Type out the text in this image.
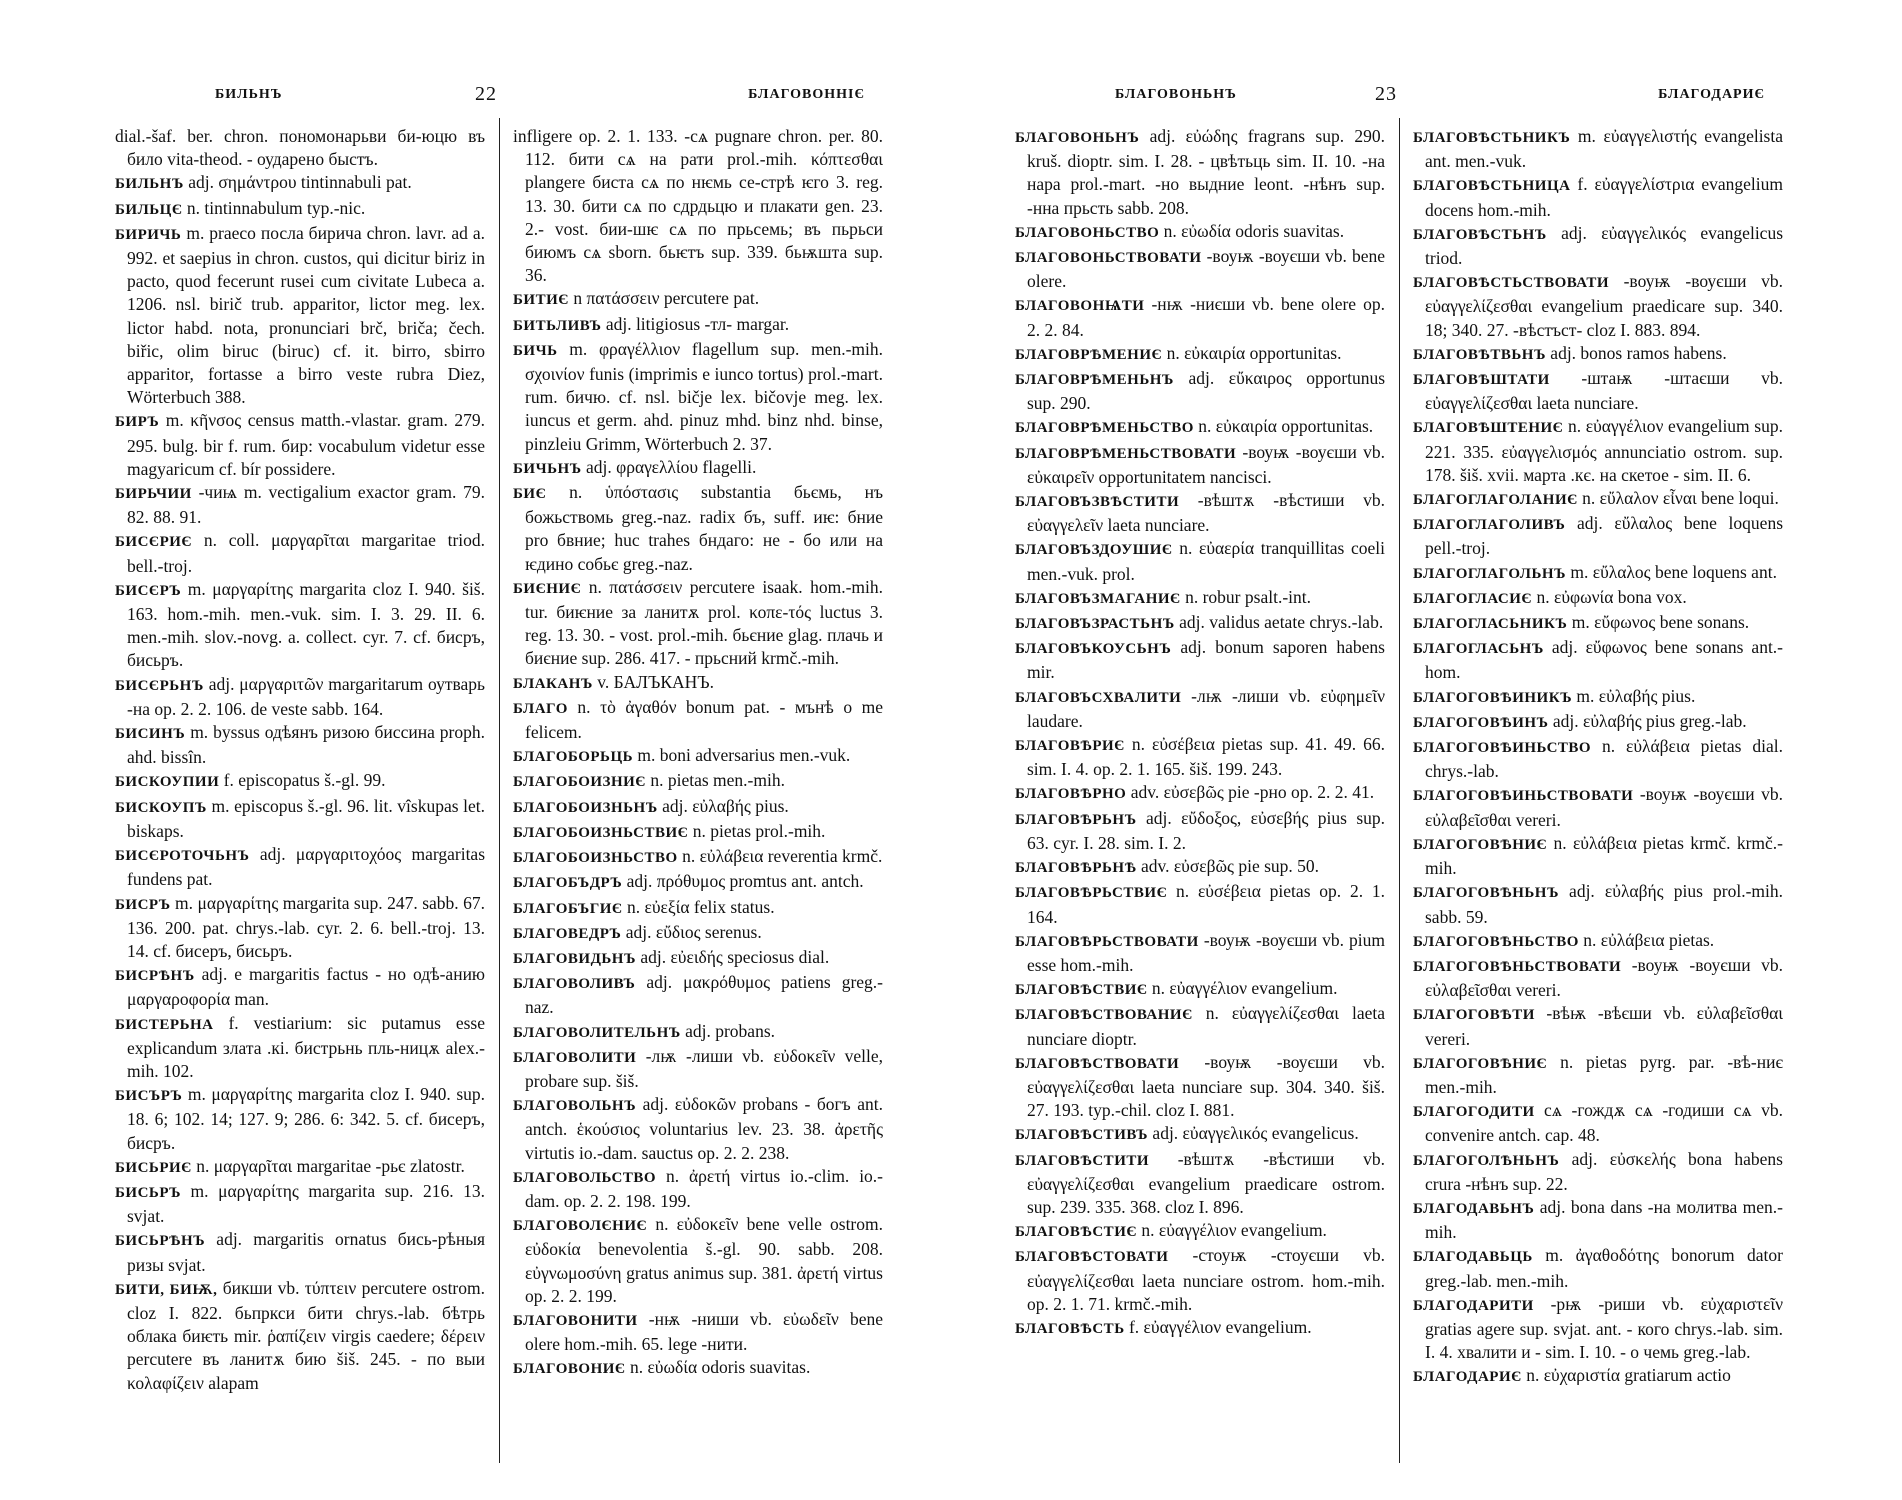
БИЛЬНЪ	22	БЛАГОВОННІЄ
dial.-šaf. ber. chron. пономонарьви би-юцю въ било vita-theod. - оударено быстъ.
БИЛЬНЪ adj. σημάντρου tintinnabuli pat.
БИЛЬЦЄ n. tintinnabulum typ.-nic.
БИРИЧЬ m. praeco посла бирича chron. lavr. ad a. 992. et saepius in chron. custos, qui dicitur biriz in pacto, quod fecerunt rusei cum civitate Lubeca a. 1206. nsl. birič trub. apparitor, lictor meg. lex. lictor habd. nota, pronunciari brč, briča; čech. biřic, olim biruc (biruc) cf. it. birro, sbirro apparitor, fortasse a birro veste rubra Diez, Wörterbuch 388.
БИРЪ m. κῆνσος census matth.-vlastar. gram. 279. 295. bulg. bir f. rum. бир: vocabulum videtur esse magyaricum cf. bír possidere.
БИРЬЧИИ -чиѩ m. vectigalium exactor gram. 79. 82. 88. 91.
БИСЄРИЄ n. coll. μαργαρῖται margaritae triod. bell.-troj.
БИСЄРЪ m. μαργαρίτης margarita cloz I. 940. šiš. 163. hom.-mih. men.-vuk. sim. I. 3. 29. II. 6. men.-mih. slov.-novg. a. collect. cyr. 7. cf. бисръ, бисьръ.
БИСЄРЬНЪ adj. μαργαριτῶν margaritarum оутварь -на op. 2. 2. 106. de veste sabb. 164.
БИСИНЪ m. byssus одѣянъ ризою биссина proph. ahd. bissîn.
БИСКОУПИИ f. episcopatus š.-gl. 99.
БИСКОУПЪ m. episcopus š.-gl. 96. lit. vîskupas let. biskaps.
БИСЄРОТОЧЬНЪ adj. μαργαριτοχόος margaritas fundens pat.
БИСРЪ m. μαργαρίτης margarita sup. 247. sabb. 67. 136. 200. pat. chrys.-lab. cyr. 2. 6. bell.-troj. 13. 14. cf. бисеръ, бисьръ.
БИСРѢНЪ adj. e margaritis factus - но одѣ-анию μαργαροφορία man.
БИСТЕРЬНА f. vestiarium: sic putamus esse explicandum злата .кі. бистрьнь пль-ницѫ alex.-mih. 102.
БИСЪРЪ m. μαργαρίτης margarita cloz I. 940. sup. 18. 6; 102. 14; 127. 9; 286. 6: 342. 5. cf. бисеръ, бисръ.
БИСЬРИЄ n. μαργαρῖται margaritae -рьє zlatostr.
БИСЬРЪ m. μαργαρίτης margarita sup. 216. 13. svjat.
БИСЬРѢНЪ adj. margaritis ornatus бись-рѣныя ризы svjat.
БИТИ, БИѬ, бикши vb. τύπτειν percutere ostrom. cloz I. 822. бьпркси бити chrys.-lab. бѣтрь облака биѥть mir. ῥαπίζειν virgis caedere; δέρειν percutere въ ланитѫ бию šiš. 245. - по выи κολαφίζειν alapam
infligere op. 2. 1. 133. -сѧ pugnare chron. per. 80. 112. бити сѧ на рати prol.-mih. κόπτεσθαι plangere биста сѧ по нѥмь се-стрѣ ѥго 3. reg. 13. 30. бити сѧ по сдрдьцю и плакати gen. 23. 2.- vost. бии-шѥ сѧ по прьсемь; въ пьрьси биюмъ сѧ sborn. бьѥтъ sup. 339. бьѭшта sup. 36.
БИТИЄ n πατάσσειν percutere pat.
БИТЬЛИВЪ adj. litigiosus -тл- margar.
БИЧЬ m. φραγέλλιον flagellum sup. men.-mih. σχοινίον funis (imprimis e iunco tortus) prol.-mart. rum. бичю. cf. nsl. bičje lex. bičovje meg. lex. iuncus et germ. ahd. pinuz mhd. binz nhd. binse, pinzleiu Grimm, Wörterbuch 2. 37.
БИЧЬНЪ adj. φραγελλίου flagelli.
БИЄ n. ὑπόστασις substantia бьємь, нъ божьствомь greg.-naz. radix бъ, suff. иѥ: бние pro бвние; huc trahes бндаго: не - бо или на ѥдино собьє greg.-naz.
БИЄНИЄ n. πατάσσειν percutere isaak. hom.-mih. tur. биѥние за ланитѫ prol. κοπε-τός luctus 3. reg. 13. 30. - vost. prol.-mih. бьєние glag. плачь и биєние sup. 286. 417. - прьсний krmč.-mih.
БЛАКАНЪ v. БАЛЪКАНЪ.
БЛАГО n. τὸ ἀγαθόν bonum pat. - мънѣ о me felicem.
БЛАГОБОРЬЦЬ m. boni adversarius men.-vuk.
БЛАГОБОИЗНИЄ n. pietas men.-mih.
БЛАГОБОИЗНЬНЪ adj. εὐλαβής pius.
БЛАГОБОИЗНЬСТВИЄ n. pietas prol.-mih.
БЛАГОБОИЗНЬСТВО n. εὐλάβεια reverentia krmč.
БЛАГОБЪДРЪ adj. πρόθυμος promtus ant. antch.
БЛАГОБЪГИЄ n. εὐεξία felix status.
БЛАГОВЕДРЪ adj. εὔδιος serenus.
БЛАГОВИДЬНЪ adj. εὐειδής speciosus dial.
БЛАГОВОЛИВЪ adj. μακρόθυμος patiens greg.-naz.
БЛАГОВОЛИТЕЛЬНЪ adj. probans.
БЛАГОВОЛИТИ -лѭ -лиши vb. εὐδοκεῖν velle, probare sup. šiš.
БЛАГОВОЛЬНЪ adj. εὐδοκῶν probans - богъ ant. antch. ἑκούσιος voluntarius lev. 23. 38. ἀρετῆς virtutis io.-dam. sauctus op. 2. 2. 238.
БЛАГОВОЛЬСТВО n. ἀρετή virtus io.-clim. io.-dam. op. 2. 2. 198. 199.
БЛАГОВОЛЄНИЄ n. εὐδοκεῖν bene velle ostrom. εὐδοκία benevolentia š.-gl. 90. sabb. 208. εὐγνωμοσύνη gratus animus sup. 381. ἀρετή virtus op. 2. 2. 199.
БЛАГОВОНИТИ -нѭ -ниши vb. εὐωδεῖν bene olere hom.-mih. 65. lege -нити.
БЛАГОВОНИЄ n. εὐωδία odoris suavitas.
БЛАГОВОНЬНЪ	23	БЛАГОДАРИЄ
БЛАГОВОНЬНЪ adj. εὐώδης fragrans sup. 290. kruš. dioptr. sim. I. 28. - цвѣтьць sim. II. 10. -на нара prol.-mart. -но выдние leont. -нѣнъ sup. -нна прьсть sabb. 208.
БЛАГОВОНЬСТВО n. εὐωδία odoris suavitas.
БЛАГОВОНЬСТВОВАТИ -воуѭ -воуєши vb. bene olere.
БЛАГОВОНѨТИ -нѭ -ниєши vb. bene olere op. 2. 2. 84.
БЛАГОВРѢМЕНИЄ n. εὐκαιρία opportunitas.
БЛАГОВРѢМЕНЬНЪ adj. εὔκαιρος opportunus sup. 290.
БЛАГОВРѢМЕНЬСТВО n. εὐκαιρία opportunitas.
БЛАГОВРѢМЕНЬСТВОВАТИ -воуѭ -воуєши vb. εὐκαιρεῖν opportunitatem nancisci.
БЛАГОВЪЗВѢСТИТИ -вѣштѫ -вѣстиши vb. εὐαγγελεῖν laeta nunciare.
БЛАГОВЪЗДОУШИЄ n. εὐαερία tranquillitas coeli men.-vuk. prol.
БЛАГОВЪЗМАГАНИЄ n. robur psalt.-int.
БЛАГОВЪЗРАСТЬНЪ adj. validus aetate chrys.-lab.
БЛАГОВЪКОУСЬНЪ adj. bonum saporen habens mir.
БЛАГОВЪСХВАЛИТИ -лѭ -лиши vb. εὐφημεῖν laudare.
БЛАГОВѢРИЄ n. εὐσέβεια pietas sup. 41. 49. 66. sim. I. 4. op. 2. 1. 165. šiš. 199. 243.
БЛАГОВѢРНО adv. εὐσεβῶς pie -рно op. 2. 2. 41.
БЛАГОВѢРЬНЪ adj. εὔδοξος, εὐσεβής pius sup. 63. cyr. I. 28. sim. I. 2.
БЛАГОВѢРЬНѢ adv. εὐσεβῶς pie sup. 50.
БЛАГОВѢРЬСТВИЄ n. εὐσέβεια pietas op. 2. 1. 164.
БЛАГОВѢРЬСТВОВАТИ -воуѭ -воуєши vb. pium esse hom.-mih.
БЛАГОВѢСТВИЄ n. εὐαγγέλιον evangelium.
БЛАГОВѢСТВОВАНИЄ n. εὐαγγελίζεσθαι laeta nunciare dioptr.
БЛАГОВѢСТВОВАТИ -воуѭ -воуєши vb. εὐαγγελίζεσθαι laeta nunciare sup. 304. 340. šiš. 27. 193. typ.-chil. cloz I. 881.
БЛАГОВѢСТИВЪ adj. εὐαγγελικός evangelicus.
БЛАГОВѢСТИТИ -вѣштѫ -вѣстиши vb. εὐαγγελίζεσθαι evangelium praedicare ostrom. sup. 239. 335. 368. cloz I. 896.
БЛАГОВѢСТИЄ n. εὐαγγέλιον evangelium.
БЛАГОВѢСТОВАТИ -стоуѭ -стоуєши vb. εὐαγγελίζεσθαι laeta nunciare ostrom. hom.-mih. op. 2. 1. 71. krmč.-mih.
БЛАГОВѢСТЬ f. εὐαγγέλιον evangelium.
БЛАГОВѢСТЬНИКЪ m. εὐαγγελιστής evangelista ant. men.-vuk.
БЛАГОВѢСТЬНИЦА f. εὐαγγελίστρια evangelium docens hom.-mih.
БЛАГОВѢСТЬНЪ adj. εὐαγγελικός evangelicus triod.
БЛАГОВѢСТЬСТВОВАТИ -воуѭ -воуєши vb. εὐαγγελίζεσθαι evangelium praedicare sup. 340. 18; 340. 27. -вѣстъст- cloz I. 883. 894.
БЛАГОВѢТВЬНЪ adj. bonos ramos habens.
БЛАГОВѢШТАТИ -штаѭ -штаєши vb. εὐαγγελίζεσθαι laeta nunciare.
БЛАГОВѢШТЕНИЄ n. εὐαγγέλιον evangelium sup. 221. 335. εὐαγγελισμός annunciatio ostrom. sup. 178. šiš. xvii. марта .кє. на скетое - sim. II. 6.
БЛАГОГЛАГОЛАНИЄ n. εὔλαλον εἶναι bene loqui.
БЛАГОГЛАГОЛИВЪ adj. εὔλαλος bene loquens pell.-troj.
БЛАГОГЛАГОЛЬНЪ m. εὔλαλος bene loquens ant.
БЛАГОГЛАСИЄ n. εὐφωνία bona vox.
БЛАГОГЛАСЬНИКЪ m. εὔφωνος bene sonans.
БЛАГОГЛАСЬНЪ adj. εὔφωνος bene sonans ant.-hom.
БЛАГОГОВѢИНИКЪ m. εὐλαβής pius.
БЛАГОГОВѢИНЪ adj. εὐλαβής pius greg.-lab.
БЛАГОГОВѢИНЬСТВО n. εὐλάβεια pietas dial. chrys.-lab.
БЛАГОГОВѢИНЬСТВОВАТИ -воуѭ -воуєши vb. εὐλαβεῖσθαι vereri.
БЛАГОГОВѢНИЄ n. εὐλάβεια pietas krmč. krmč.-mih.
БЛАГОГОВѢНЬНЪ adj. εὐλαβής pius prol.-mih. sabb. 59.
БЛАГОГОВѢНЬСТВО n. εὐλάβεια pietas.
БЛАГОГОВѢНЬСТВОВАТИ -воуѭ -воуєши vb. εὐλαβεῖσθαι vereri.
БЛАГОГОВѢТИ -вѣѭ -вѣєши vb. εὐλαβεῖσθαι vereri.
БЛАГОГОВѢНИЄ n. pietas pyrg. par. -вѣ-ниє men.-mih.
БЛАГОГОДИТИ сѧ -гождѫ сѧ -годиши сѧ vb. convenire antch. cap. 48.
БЛАГОГОЛѢНЬНЪ adj. εὐσκελής bona habens crura -нѣнъ sup. 22.
БЛАГОДАВЬНЪ adj. bona dans -на молитва men.-mih.
БЛАГОДАВЬЦЬ m. ἀγαθοδότης bonorum dator greg.-lab. men.-mih.
БЛАГОДАРИТИ -рѭ -риши vb. εὐχαριστεῖν gratias agere sup. svjat. ant. - кого chrys.-lab. sim. I. 4. хвалити и - sim. I. 10. - о чемь greg.-lab.
БЛАГОДАРИЄ n. εὐχαριστία gratiarum actio
